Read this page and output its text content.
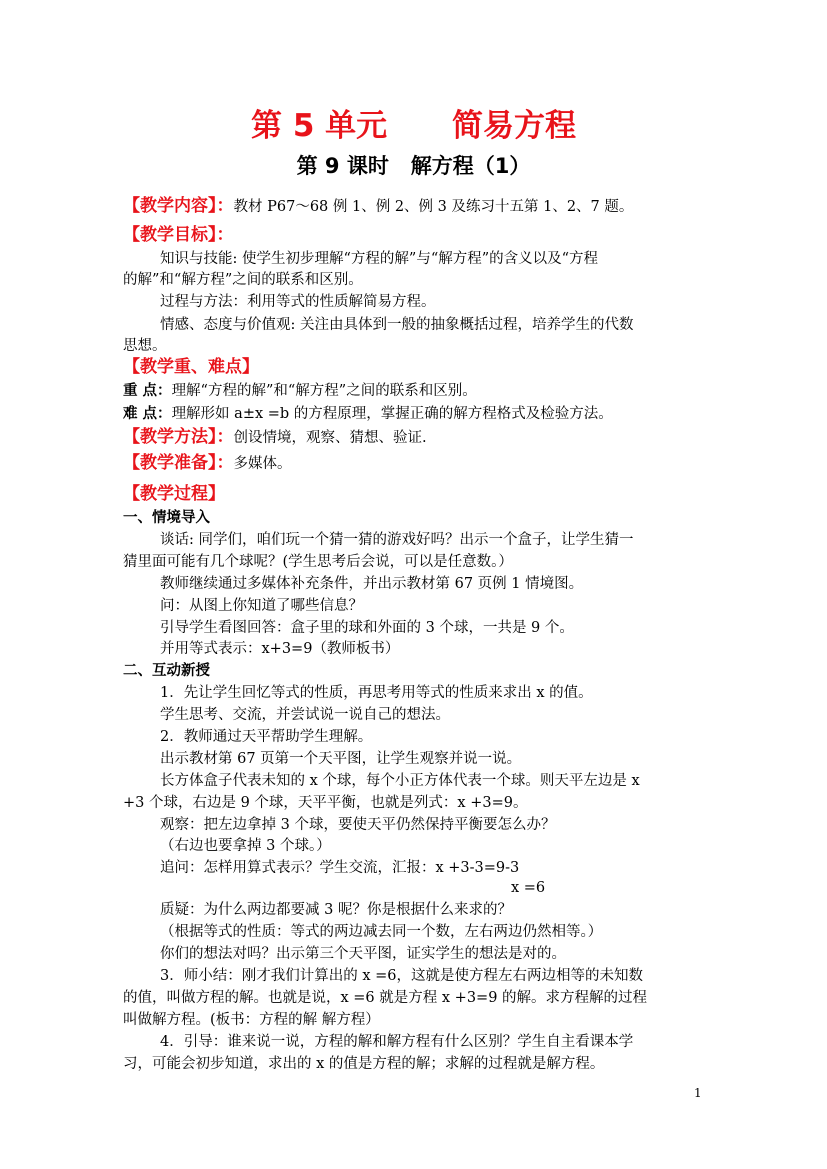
第 5 单元      简易方程
第 9 课时   解方程（1）
【教学内容】：教材 P67～68 例 1、例 2、例 3 及练习十五第 1、2、7 题。
【教学目标】：
知识与技能: 使学生初步理解“方程的解”与“解方程”的含义以及“方程
的解”和“解方程”之间的联系和区别。
过程与方法：利用等式的性质解简易方程。
情感、态度与价值观: 关注由具体到一般的抽象概括过程，培养学生的代数
思想。
【教学重、难点】
重 点：理解“方程的解”和“解方程”之间的联系和区别。
难 点：理解形如 a±x =b 的方程原理，掌握正确的解方程格式及检验方法。
【教学方法】：创设情境，观察、猜想、验证.
【教学准备】：多媒体。
【教学过程】
一、情境导入
谈话: 同学们，咱们玩一个猜一猜的游戏好吗？出示一个盒子，让学生猜一
猜里面可能有几个球呢？(学生思考后会说，可以是任意数。）
教师继续通过多媒体补充条件，并出示教材第 67 页例 1 情境图。
问：从图上你知道了哪些信息？
引导学生看图回答：盒子里的球和外面的 3 个球，一共是 9 个。
并用等式表示：x+3=9（教师板书）
二、互动新授
1．先让学生回忆等式的性质，再思考用等式的性质来求出 x 的值。
学生思考、交流，并尝试说一说自己的想法。
2．教师通过天平帮助学生理解。
出示教材第 67 页第一个天平图，让学生观察并说一说。
长方体盒子代表未知的 x 个球，每个小正方体代表一个球。则天平左边是 x
+3 个球，右边是 9 个球，天平平衡，也就是列式：x +3=9。
观察：把左边拿掉 3 个球，要使天平仍然保持平衡要怎么办？
（右边也要拿掉 3 个球。）
追问：怎样用算式表示？学生交流，汇报：x +3-3=9-3
x =6
质疑：为什么两边都要减 3 呢？你是根据什么来求的？
（根据等式的性质：等式的两边减去同一个数，左右两边仍然相等。）
你们的想法对吗？出示第三个天平图，证实学生的想法是对的。
3．师小结：刚才我们计算出的 x =6，这就是使方程左右两边相等的未知数
的值，叫做方程的解。也就是说，x =6 就是方程 x +3=9 的解。求方程解的过程
叫做解方程。(板书：方程的解 解方程）
4．引导：谁来说一说，方程的解和解方程有什么区别？学生自主看课本学
习，可能会初步知道，求出的 x 的值是方程的解；求解的过程就是解方程。
1
